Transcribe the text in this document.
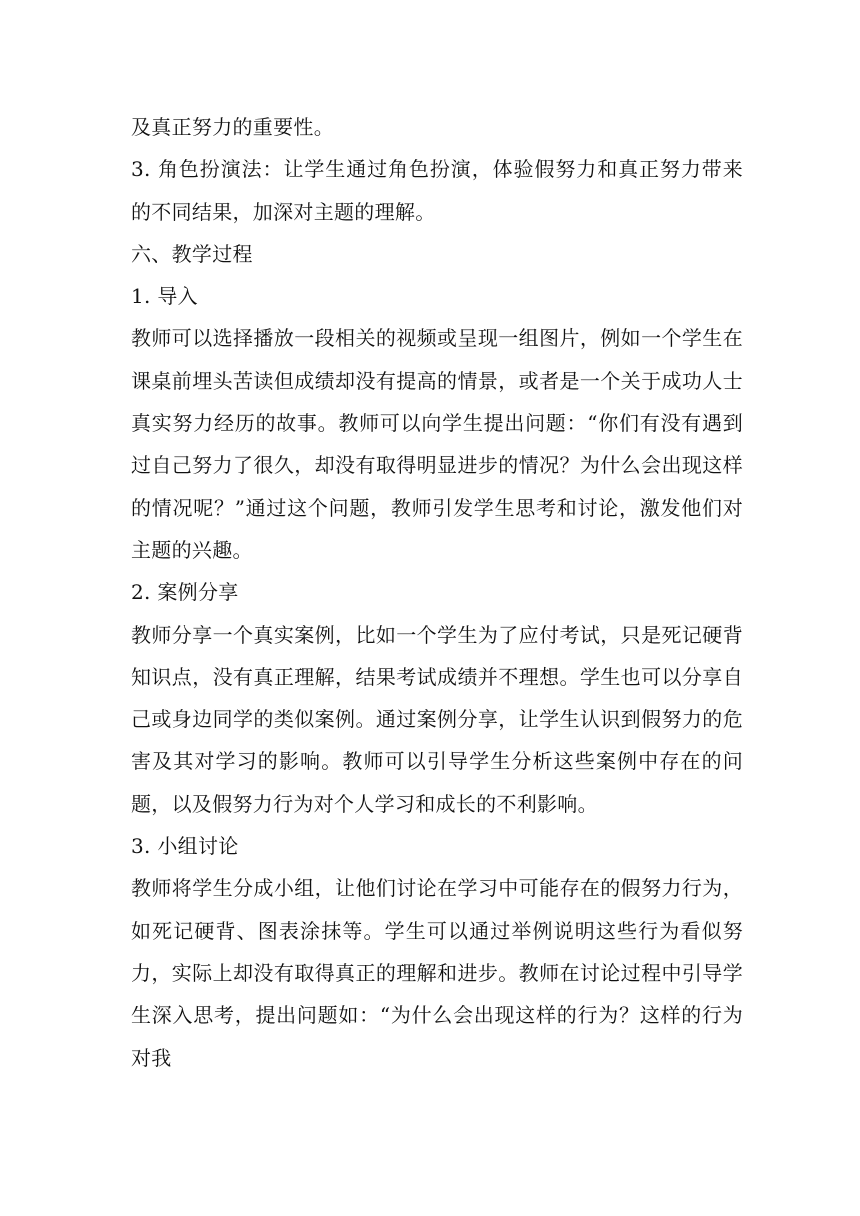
及真正努力的重要性。

3. 角色扮演法：让学生通过角色扮演，体验假努力和真正努力带来的不同结果，加深对主题的理解。

六、教学过程

1. 导入

教师可以选择播放一段相关的视频或呈现一组图片，例如一个学生在课桌前埋头苦读但成绩却没有提高的情景，或者是一个关于成功人士真实努力经历的故事。教师可以向学生提出问题：“你们有没有遇到过自己努力了很久，却没有取得明显进步的情况？为什么会出现这样的情况呢？”通过这个问题，教师引发学生思考和讨论，激发他们对主题的兴趣。

2. 案例分享

教师分享一个真实案例，比如一个学生为了应付考试，只是死记硬背知识点，没有真正理解，结果考试成绩并不理想。学生也可以分享自己或身边同学的类似案例。通过案例分享，让学生认识到假努力的危害及其对学习的影响。教师可以引导学生分析这些案例中存在的问题，以及假努力行为对个人学习和成长的不利影响。

3. 小组讨论

教师将学生分成小组，让他们讨论在学习中可能存在的假努力行为，如死记硬背、图表涂抹等。学生可以通过举例说明这些行为看似努力，实际上却没有取得真正的理解和进步。教师在讨论过程中引导学生深入思考，提出问题如：“为什么会出现这样的行为？这样的行为对我
